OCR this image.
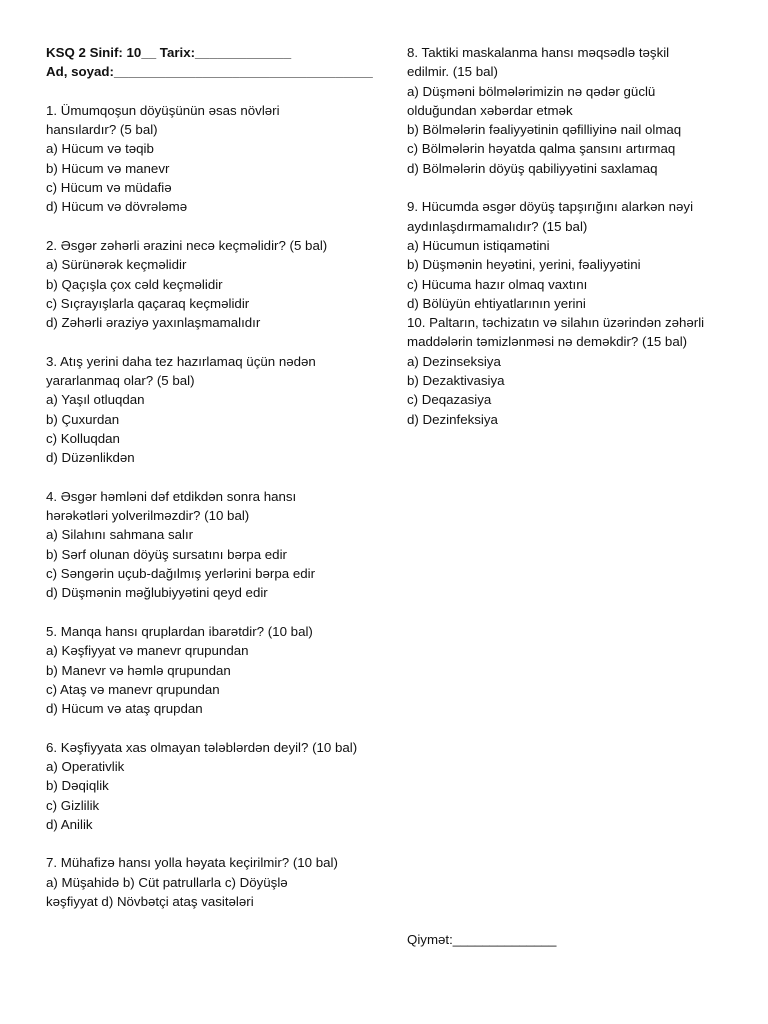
KSQ 2 Sinif: 10__ Tarix:_____________
Ad, soyad:___________________________________
1. Ümumqoşun döyüşünün əsas növləri hansılardır? (5 bal)
a) Hücum və təqib
b) Hücum və manevr
c) Hücum və müdafiə
d) Hücum və dövrələmə
2. Əsgər zəhərli ərazini necə keçməlidir? (5 bal)
a) Sürünərək keçməlidir
b) Qaçışla çox cəld keçməlidir
c) Sıçrayışlarla qaçaraq keçməlidir
d) Zəhərli əraziyə yaxınlaşmamalıdır
3. Atış yerini daha tez hazırlamaq üçün nədən yararlanmaq olar? (5 bal)
a) Yaşıl otluqdan
b) Çuxurdan
c) Kolluqdan
d) Düzənlikdən
4. Əsgər həmləni dəf etdikdən sonra hansı hərəkətləri yolverilməzdir? (10 bal)
a) Silahını sahmana salır
b) Sərf olunan döyüş sursatını bərpa edir
c) Səngərin uçub-dağılmış yerlərini bərpa edir
d) Düşmənin məğlubiyyətini qeyd edir
5. Manqa hansı qruplardan ibarətdir? (10 bal)
a) Kəşfiyyat və manevr qrupundan
b) Manevr və həmlə qrupundan
c) Ataş və manevr qrupundan
d) Hücum və ataş qrupdan
6. Kəşfiyyata xas olmayan tələblərdən deyil? (10 bal)
a) Operativlik
b) Dəqiqlik
c) Gizlilik
d) Anilik
7. Mühafizə hansı yolla həyata keçirilmir? (10 bal)
a) Müşahidə b) Cüt patrullarla c) Döyüşlə kəşfiyyat d) Növbətçi ataş vasitələri
8. Taktiki maskalanma hansı məqsədlə təşkil edilmir. (15 bal)
a) Düşməni bölmələrimizin nə qədər güclü olduğundan xəbərdar etmək
b) Bölmələrin fəaliyyətinin qəfilliyinə nail olmaq
c) Bölmələrin həyatda qalma şansını artırmaq
d) Bölmələrin döyüş qabiliyyətini saxlamaq
9. Hücumda əsgər döyüş tapşırığını alarkən nəyi aydınlaşdırmamalıdır? (15 bal)
a) Hücumun istiqamətini
b) Düşmənin heyətini, yerini, fəaliyyətini
c) Hücuma hazır olmaq vaxtını
d) Bölüyün ehtiyatlarının yerini
10. Paltarın, təchizatın və silahın üzərindən zəhərli maddələrin təmizlənməsi nə deməkdir? (15 bal)
a) Dezinseksiya
b) Dezaktivasiya
c) Deqazasiya
d) Dezinfeksiya
Qiymət:______________
